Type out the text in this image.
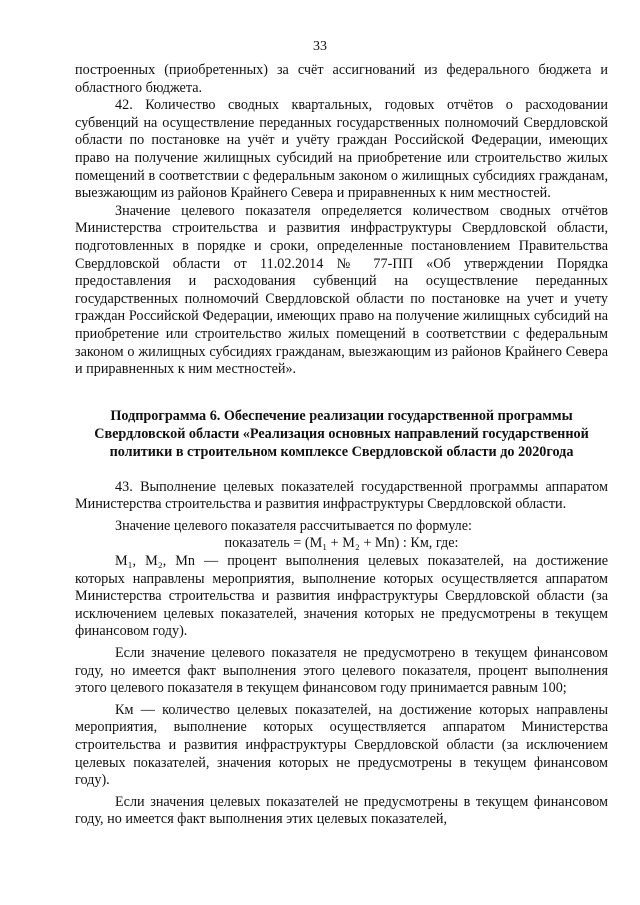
33

построенных (приобретенных) за счёт ассигнований из федерального бюджета и областного бюджета.

42. Количество сводных квартальных, годовых отчётов о расходовании субвенций на осуществление переданных государственных полномочий Свердловской области по постановке на учёт и учёту граждан Российской Федерации, имеющих право на получение жилищных субсидий на приобретение или строительство жилых помещений в соответствии с федеральным законом о жилищных субсидиях гражданам, выезжающим из районов Крайнего Севера и приравненных к ним местностей.

Значение целевого показателя определяется количеством сводных отчётов Министерства строительства и развития инфраструктуры Свердловской области, подготовленных в порядке и сроки, определенные постановлением Правительства Свердловской области от 11.02.2014 № 77-ПП «Об утверждении Порядка предоставления и расходования субвенций на осуществление переданных государственных полномочий Свердловской области по постановке на учет и учету граждан Российской Федерации, имеющих право на получение жилищных субсидий на приобретение или строительство жилых помещений в соответствии с федеральным законом о жилищных субсидиях гражданам, выезжающим из районов Крайнего Севера и приравненных к ним местностей».

Подпрограмма 6. Обеспечение реализации государственной программы Свердловской области «Реализация основных направлений государственной политики в строительном комплексе Свердловской области до 2020года

43. Выполнение целевых показателей государственной программы аппаратом Министерства строительства и развития инфраструктуры Свердловской области.

Значение целевого показателя рассчитывается по формуле:

показатель = (M₁ + M₂ + Mn) : Км, где:

M₁, M₂, Mn — процент выполнения целевых показателей, на достижение которых направлены мероприятия, выполнение которых осуществляется аппаратом Министерства строительства и развития инфраструктуры Свердловской области (за исключением целевых показателей, значения которых не предусмотрены в текущем финансовом году).

Если значение целевого показателя не предусмотрено в текущем финансовом году, но имеется факт выполнения этого целевого показателя, процент выполнения этого целевого показателя в текущем финансовом году принимается равным 100;

Км — количество целевых показателей, на достижение которых направлены мероприятия, выполнение которых осуществляется аппаратом Министерства строительства и развития инфраструктуры Свердловской области (за исключением целевых показателей, значения которых не предусмотрены в текущем финансовом году).

Если значения целевых показателей не предусмотрены в текущем финансовом году, но имеется факт выполнения этих целевых показателей,
